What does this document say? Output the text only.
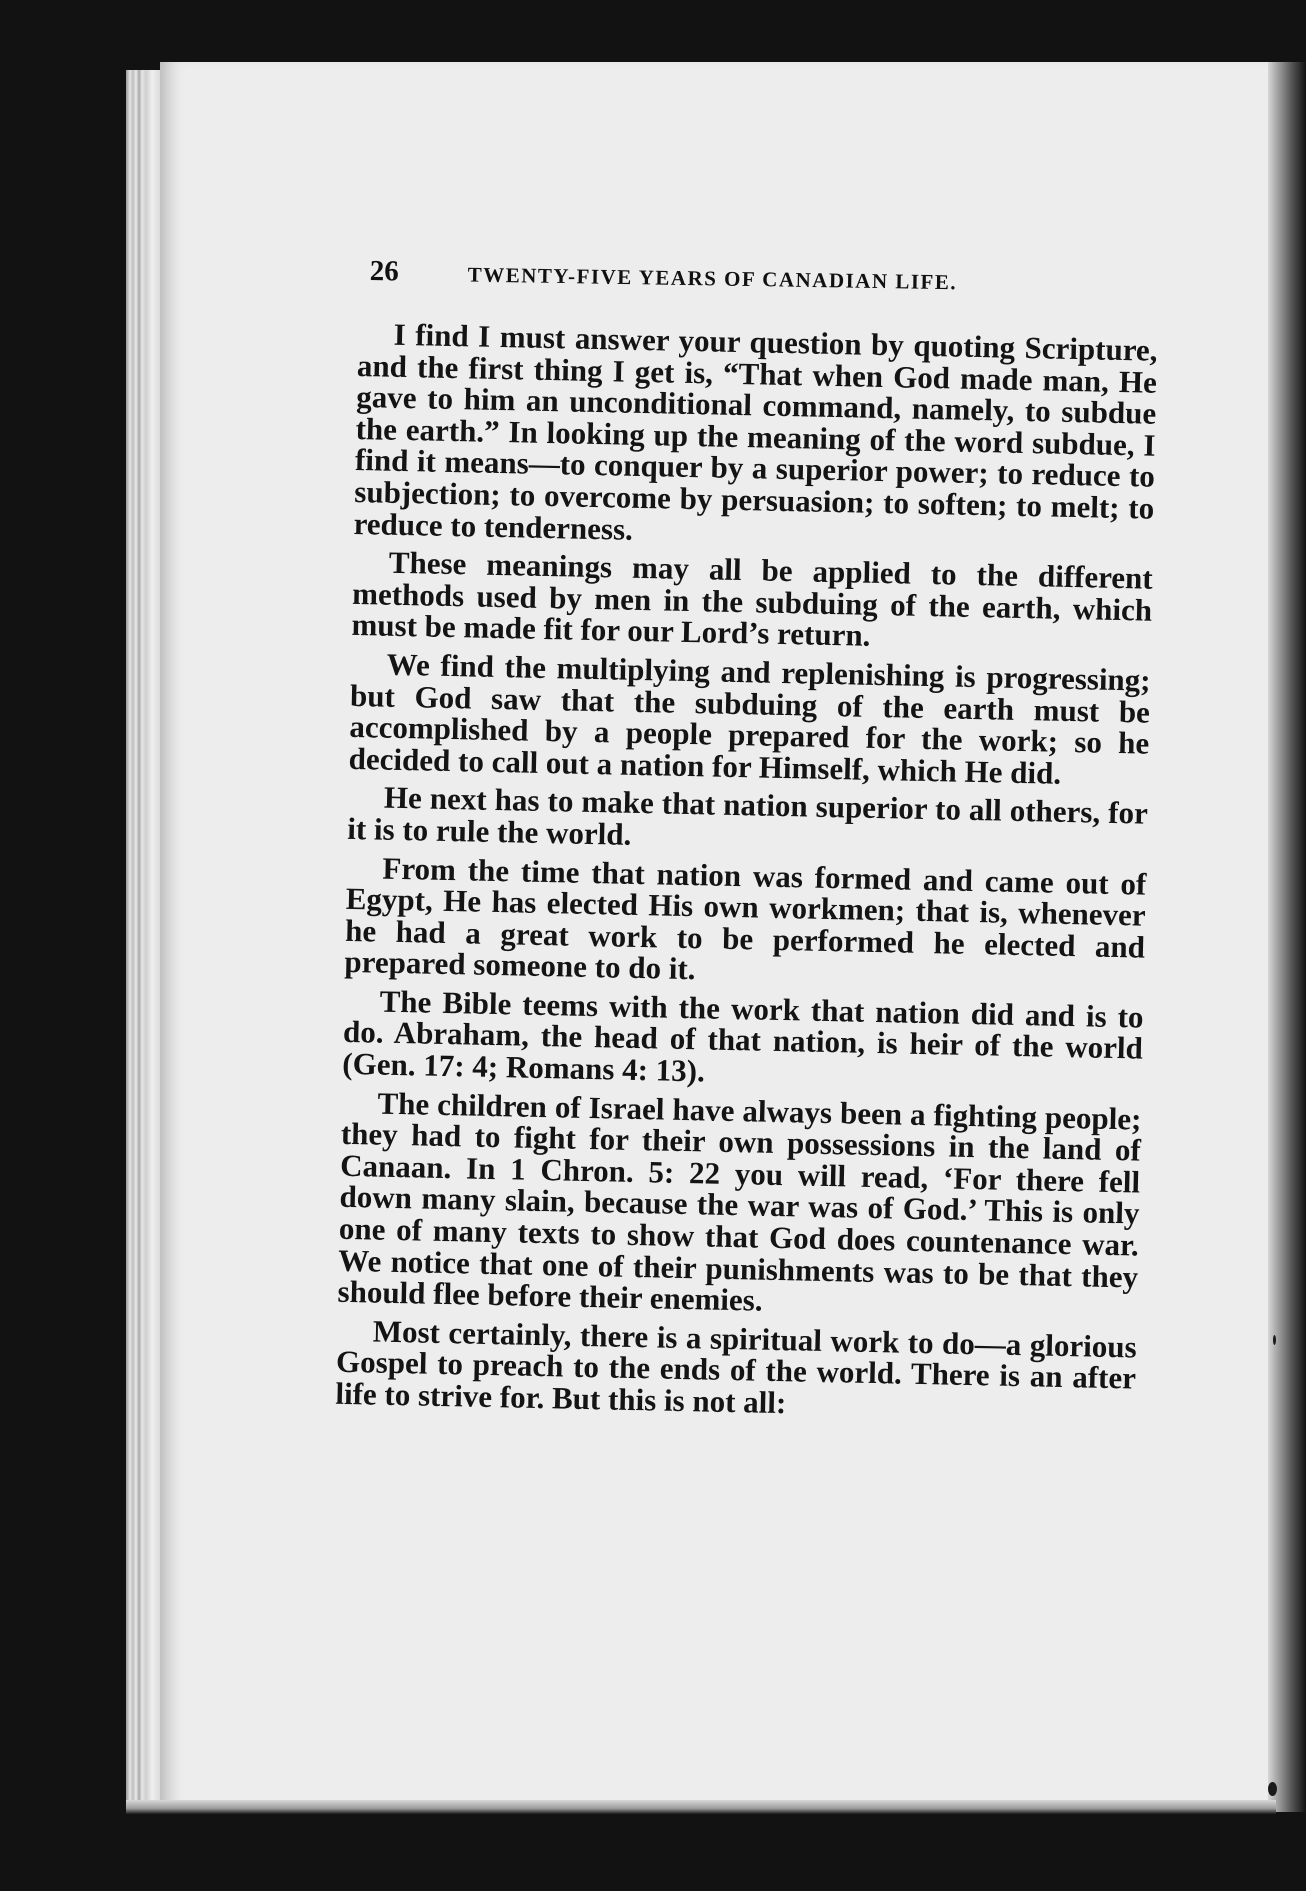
26	TWENTY-FIVE YEARS OF CANADIAN LIFE.

I find I must answer your question by quoting Scripture, and the first thing I get is, “That when God made man, He gave to him an unconditional command, namely, to subdue the earth.” In looking up the meaning of the word subdue, I find it means—to conquer by a superior power; to reduce to subjection; to overcome by persuasion; to soften; to melt; to reduce to tenderness.

These meanings may all be applied to the different methods used by men in the subduing of the earth, which must be made fit for our Lord’s return.

We find the multiplying and replenishing is progressing; but God saw that the subduing of the earth must be accomplished by a people prepared for the work; so he decided to call out a nation for Himself, which He did.

He next has to make that nation superior to all others, for it is to rule the world.

From the time that nation was formed and came out of Egypt, He has elected His own workmen; that is, whenever he had a great work to be performed he elected and prepared someone to do it.

The Bible teems with the work that nation did and is to do. Abraham, the head of that nation, is heir of the world (Gen. 17: 4; Romans 4: 13).

The children of Israel have always been a fighting people; they had to fight for their own possessions in the land of Canaan. In 1 Chron. 5: 22 you will read, ‘For there fell down many slain, because the war was of God.’ This is only one of many texts to show that God does countenance war. We notice that one of their punishments was to be that they should flee before their enemies.

Most certainly, there is a spiritual work to do—a glorious Gospel to preach to the ends of the world. There is an after life to strive for. But this is not all:
